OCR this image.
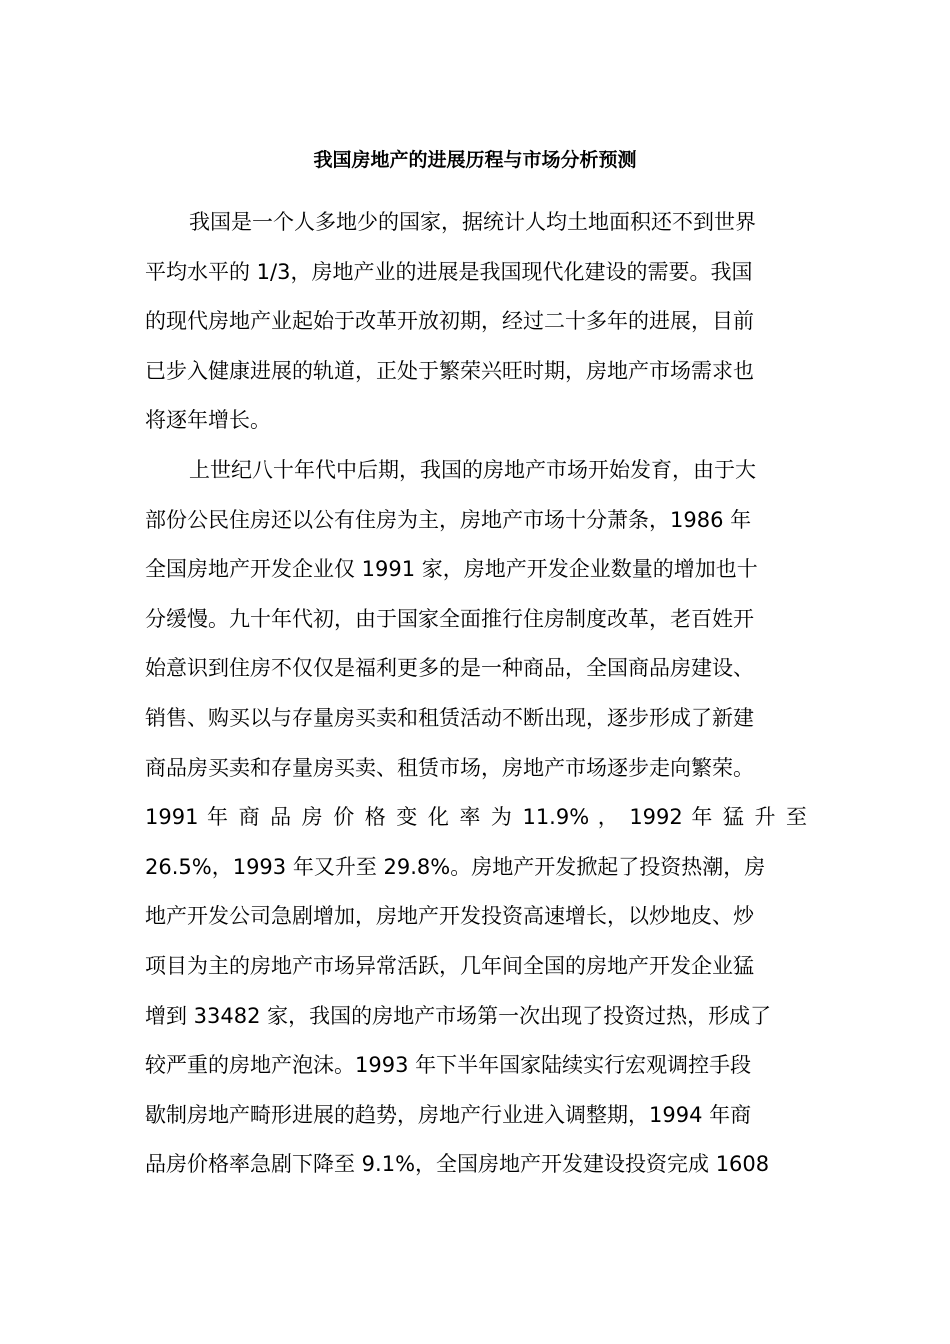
我国房地产的进展历程与市场分析预测
我国是一个人多地少的国家，据统计人均土地面积还不到世界
平均水平的 1/3，房地产业的进展是我国现代化建设的需要。我国
的现代房地产业起始于改革开放初期，经过二十多年的进展，目前
已步入健康进展的轨道，正处于繁荣兴旺时期，房地产市场需求也
将逐年增长。
上世纪八十年代中后期，我国的房地产市场开始发育，由于大
部份公民住房还以公有住房为主，房地产市场十分萧条，1986 年
全国房地产开发企业仅 1991 家，房地产开发企业数量的增加也十
分缓慢。九十年代初，由于国家全面推行住房制度改革，老百姓开
始意识到住房不仅仅是福利更多的是一种商品，全国商品房建设、
销售、购买以与存量房买卖和租赁活动不断出现，逐步形成了新建
商品房买卖和存量房买卖、租赁市场，房地产市场逐步走向繁荣。
1991 年 商 品 房 价 格 变 化 率 为 11.9% ， 1992 年 猛 升 至
26.5%，1993 年又升至 29.8%。房地产开发掀起了投资热潮，房
地产开发公司急剧增加，房地产开发投资高速增长，以炒地皮、炒
项目为主的房地产市场异常活跃，几年间全国的房地产开发企业猛
增到 33482 家，我国的房地产市场第一次出现了投资过热，形成了
较严重的房地产泡沫。1993 年下半年国家陆续实行宏观调控手段
歇制房地产畸形进展的趋势，房地产行业进入调整期，1994 年商
品房价格率急剧下降至 9.1%，全国房地产开发建设投资完成 1608
